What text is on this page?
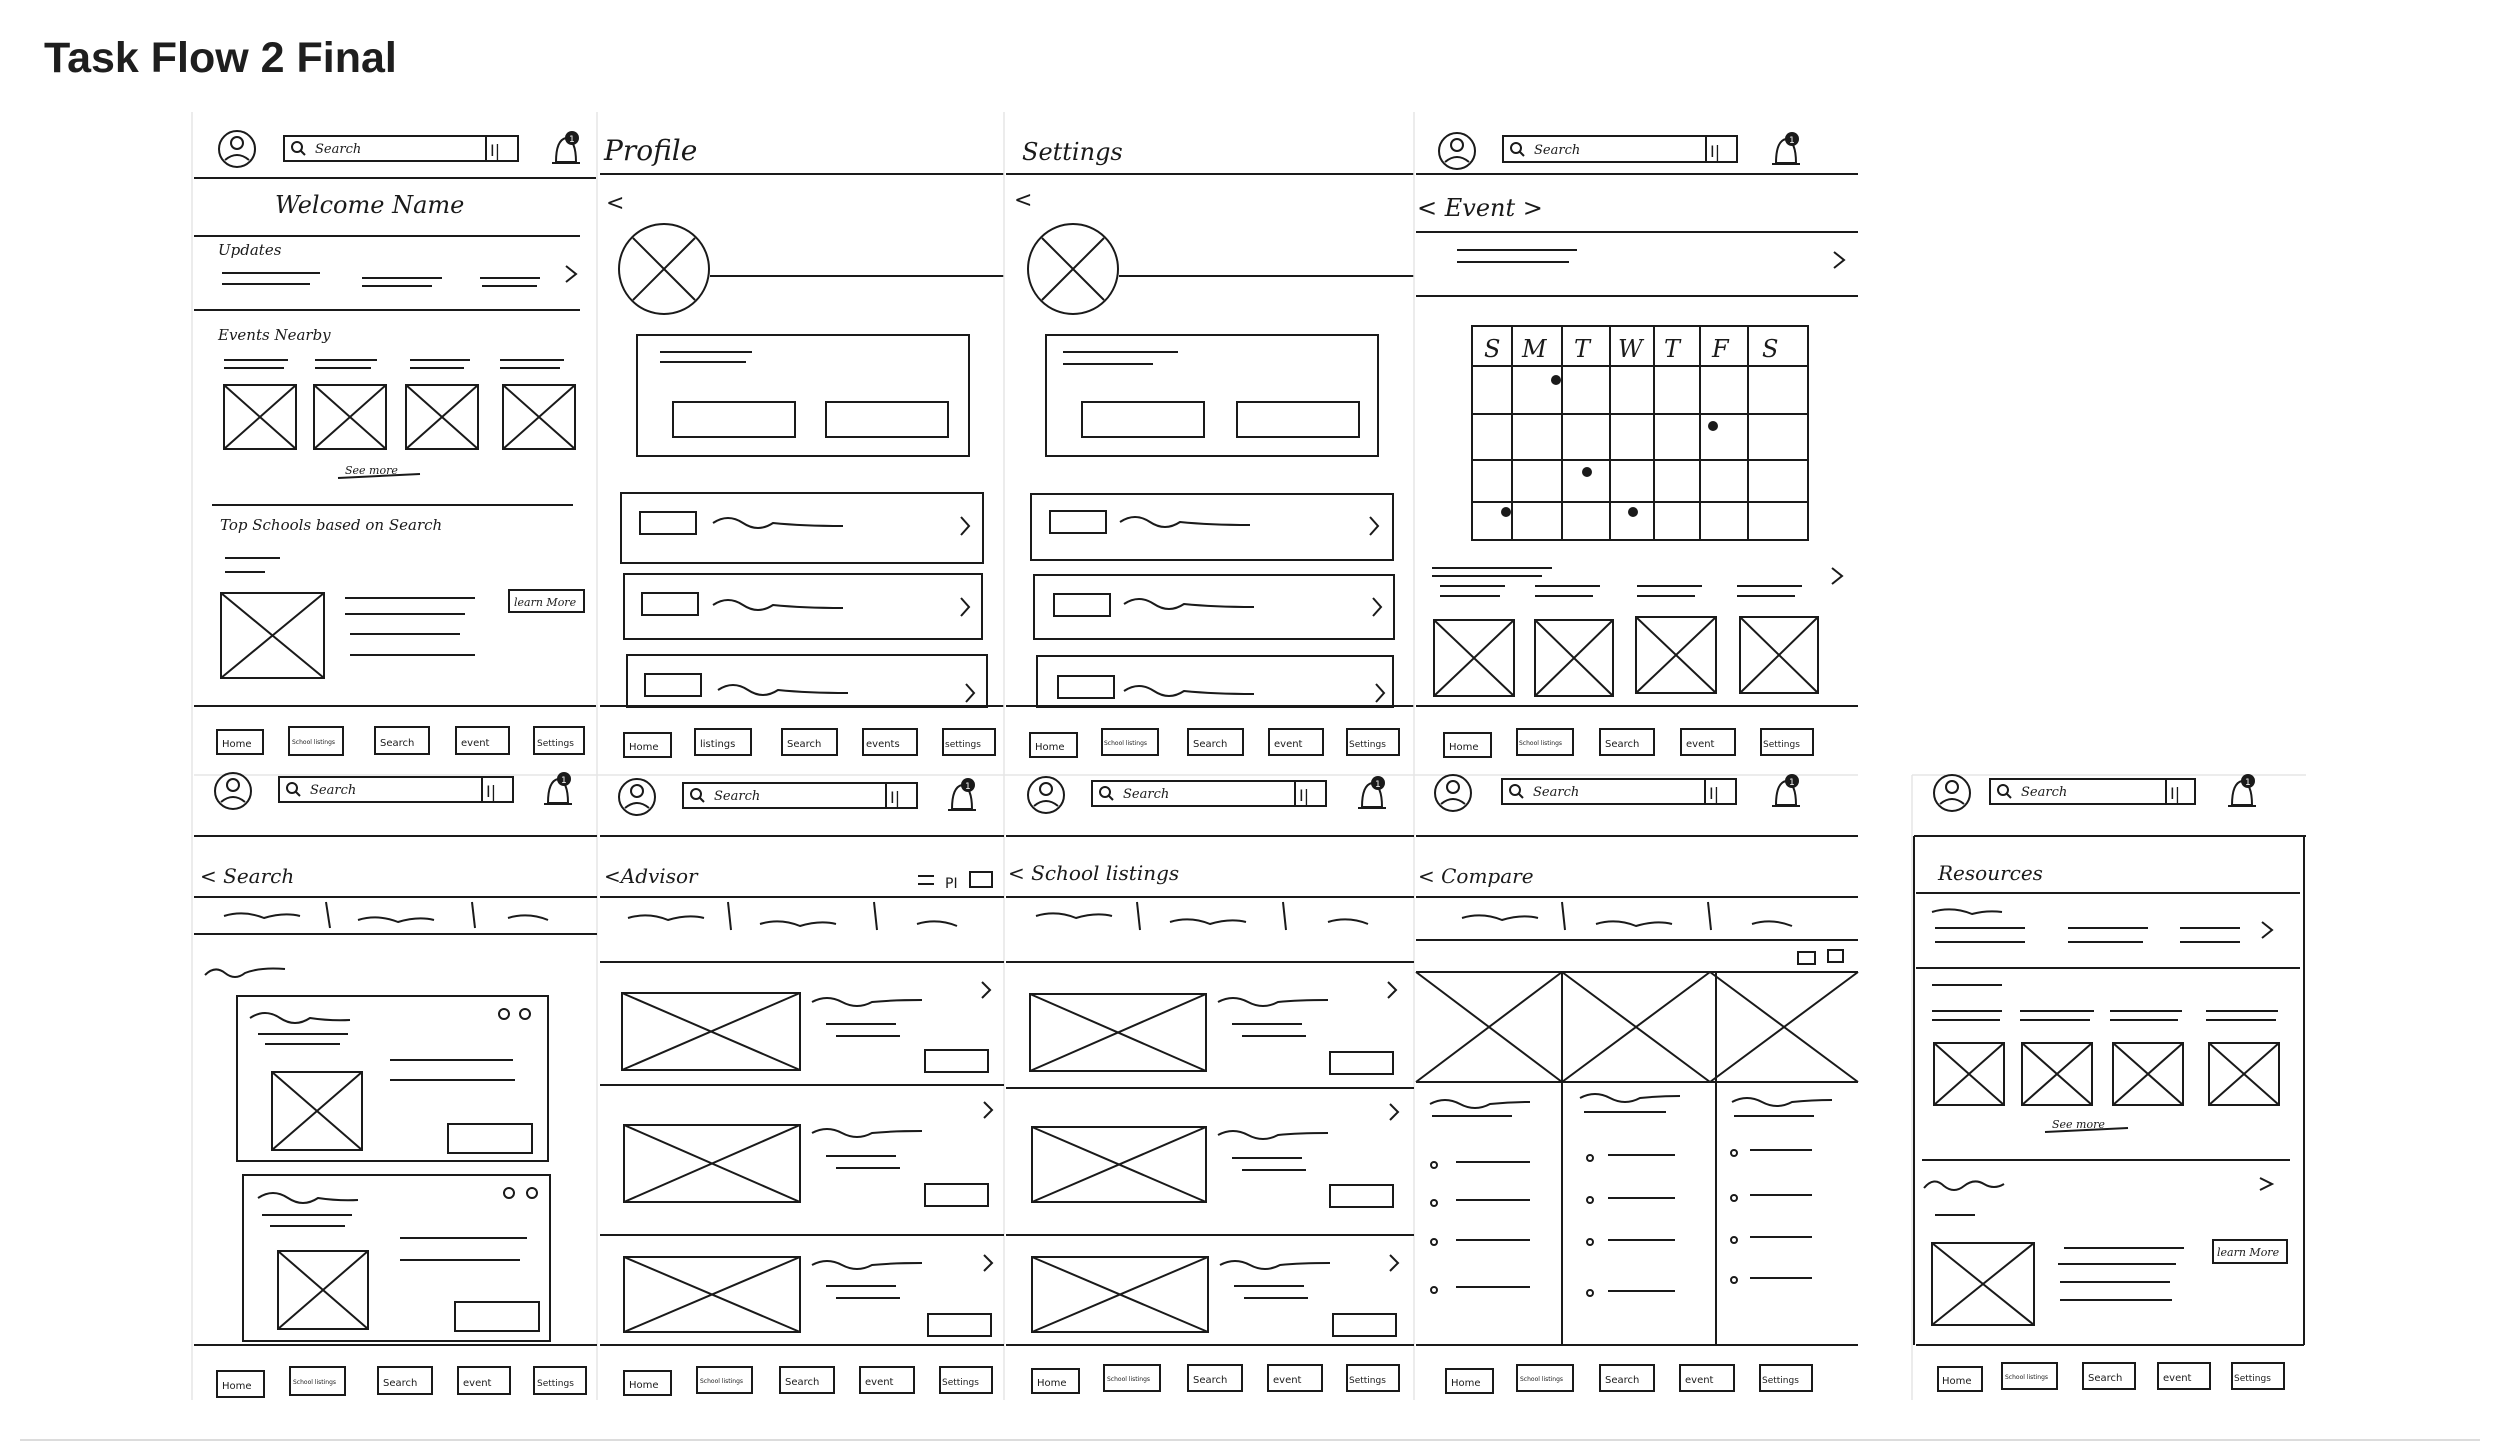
Task Flow 2 Final
Search	I|
1
Welcome Name
Updates
Events Nearby
See more
Top Schools based on Search
learn More
Home	School listings	Search	event	Settings
Profile
<
Home	listings	Search	events	settings
Settings
<
Home	School listings	Search	event	Settings
Search	I|
1
< Event >
S M T W T F S
Home	School listings	Search	event	Settings
Search	I|
1
< Search
Home	School listings	Search	event	Settings
Search	I|
1
<Advisor	PI
Home	School listings	Search	event	Settings
Search	I|
1
< School listings
Home	School listings	Search	event	Settings
Search	I|
1
< Compare
Home	School listings	Search	event	Settings
Search	I|
1
Resources
See more
learn More
Home	School listings	Search	event	Settings
